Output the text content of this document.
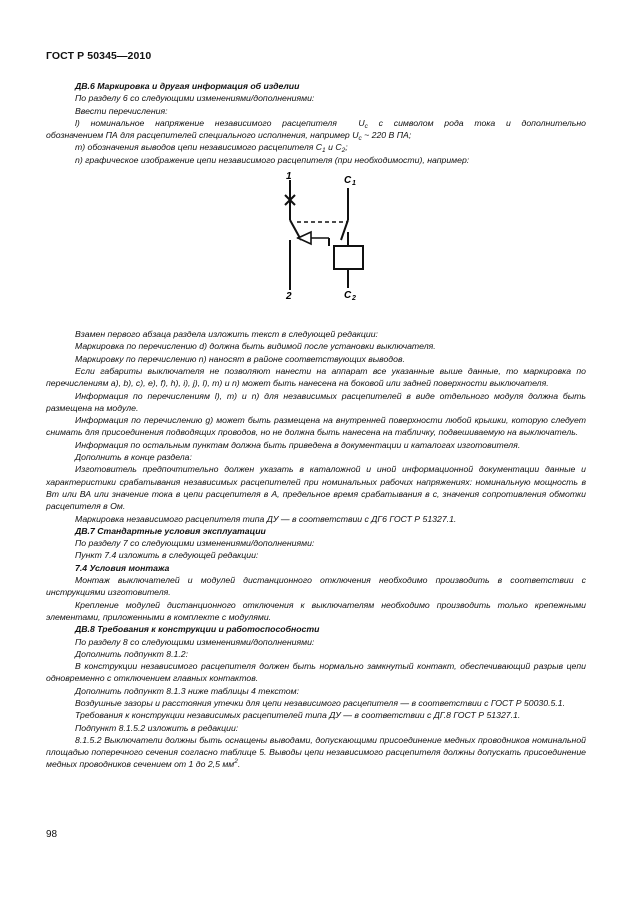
ГОСТ Р 50345—2010

ДВ.6 Маркировка и другая информация об изделии

По разделу 6 со следующими изменениями/дополнениями:

Ввести перечисления:

l) номинальное напряжение независимого расцепителя $U_c$ с символом рода тока и дополнительно

обозначением ПА для расцепителей специального исполнения, например $U_c$ ~ 220 В ПА;

m) обозначения выводов цепи независимого расцепителя $С_1$ и $С_2$;

n) графическое изображение цепи независимого расцепителя (при необходимости), например:

1
2
C 1
C 2

Взамен первого абзаца раздела изложить текст в следующей редакции:

Маркировка по перечислению d) должна быть видимой после установки выключателя.

Маркировку по перечислению n) наносят в районе соответствующих выводов.

Если габариты выключателя не позволяют нанести на аппарат все указанные выше данные, то маркировка по перечислениям a), b), c), e), f), h), i), j), l), m) и n) может быть нанесена на боковой или задней поверхности выключателя.

Информация по перечислениям l), m) и n) для независимых расцепителей в виде отдельного модуля должна быть размещена на модуле.

Информация по перечислению g) может быть размещена на внутренней поверхности любой крышки, которую следует снимать для присоединения подводящих проводов, но не должна быть нанесена на табличку, подвешиваемую на выключатель.

Информация по остальным пунктам должна быть приведена в документации и каталогах изготовителя.

Дополнить в конце раздела:

Изготовитель предпочтительно должен указать в каталожной и иной информационной документации данные и характеристики срабатывания независимых расцепителей при номинальных рабочих напряжениях: номинальную мощность в Вт или ВА или значение тока в цепи расцепителя в А, предельное время срабатывания в с, значения сопротивления обмотки расцепителя в Ом.

Маркировка независимого расцепителя типа ДУ — в соответствии с ДГ6 ГОСТ Р 51327.1.

ДВ.7 Стандартные условия эксплуатации

По разделу 7 со следующими изменениями/дополнениями:

Пункт 7.4 изложить в следующей редакции:

7.4 Условия монтажа

Монтаж выключателей и модулей дистанционного отключения необходимо производить в соответствии с инструкциями изготовителя.

Крепление модулей дистанционного отключения к выключателям необходимо производить только крепежными элементами, приложенными в комплекте с модулями.

ДВ.8 Требования к конструкции и работоспособности

По разделу 8 со следующими изменениями/дополнениями:

Дополнить подпункт 8.1.2:

В конструкции независимого расцепителя должен быть нормально замкнутый контакт, обеспечивающий разрыв цепи одновременно с отключением главных контактов.

Дополнить подпункт 8.1.3 ниже таблицы 4 текстом:

Воздушные зазоры и расстояния утечки для цепи независимого расцепителя — в соответствии с ГОСТ Р 50030.5.1.

Требования к конструкции независимых расцепителей типа ДУ — в соответствии с ДГ.8 ГОСТ Р 51327.1.

Подпункт 8.1.5.2 изложить в редакции:

8.1.5.2 Выключатели должны быть оснащены выводами, допускающими присоединение медных проводников номинальной площадью поперечного сечения согласно таблице 5. Выводы цепи независимого расцепителя должны допускать присоединение медных проводников сечением от 1 до 2,5 $мм^2$.

98
